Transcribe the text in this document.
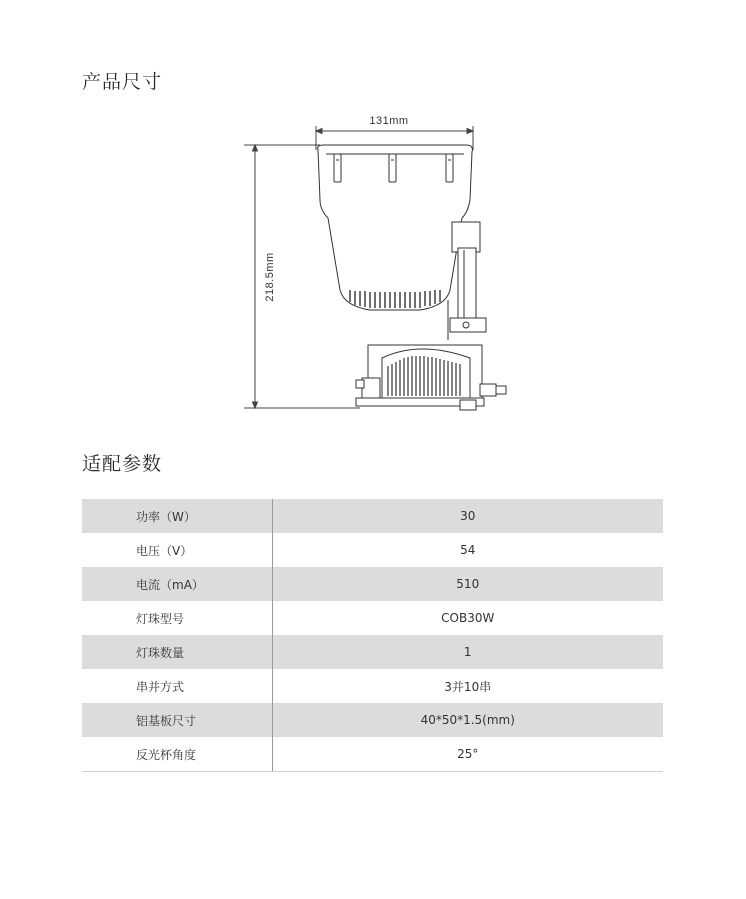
产品尺寸
131mm
218.5mm
适配参数
功率（W）	30
电压（V）	54
电流（mA）	510
灯珠型号	COB30W
灯珠数量	1
串并方式	3并10串
铝基板尺寸	40*50*1.5(mm)
反光杯角度	25°
